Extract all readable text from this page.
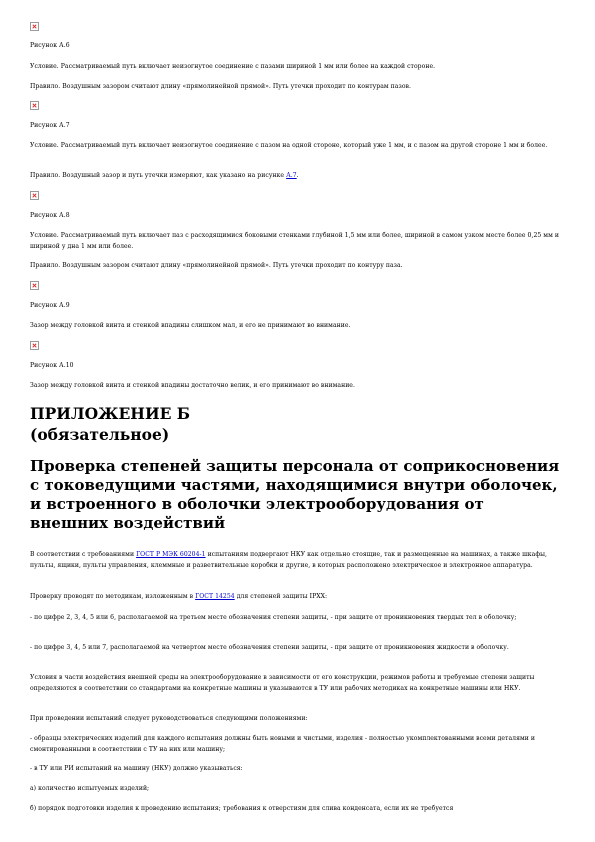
Рисунок А.6
Условие. Рассматриваемый путь включает неизогнутое соединение с пазами шириной 1 мм или более на каждой стороне.
Правило. Воздушным зазором считают длину «прямолинейной прямой». Путь утечки проходит по контурам пазов.
Рисунок А.7
Условие. Рассматриваемый путь включает неизогнутое соединение с пазом на одной стороне, который уже 1 мм, и с пазом на другой стороне 1 мм и более.
Правило. Воздушный зазор и путь утечки измеряют, как указано на рисунке А.7.
Рисунок А.8
Условие. Рассматриваемый путь включает паз с расходящимися боковыми стенками глубиной 1,5 мм или более, шириной в самом узком месте более 0,25 мм и шириной у дна 1 мм или более.
Правило. Воздушным зазором считают длину «прямолинейной прямой». Путь утечки проходит по контуру паза.
Рисунок А.9
Зазор между головкой винта и стенкой впадины слишком мал, и его не принимают во внимание.
Рисунок А.10
Зазор между головкой винта и стенкой впадины достаточно велик, и его принимают во внимание.
ПРИЛОЖЕНИЕ Б
(обязательное)
Проверка степеней защиты персонала от соприкосновения с токоведущими частями, находящимися внутри оболочек, и встроенного в оболочки электрооборудования от внешних воздействий
В соответствии с требованиями ГОСТ Р МЭК 60204-1 испытаниям подвергают НКУ как отдельно стоящие, так и размещенные на машинах, а также шкафы, пульты, ящики, пульты управления, клеммные и разветвительные коробки и другие, в которых расположено электрическое и электронное аппаратура.
Проверку проводят по методикам, изложенным в ГОСТ 14254 для степеней защиты IPXX:
- по цифре 2, 3, 4, 5 или 6, располагаемой на третьем месте обозначения степени защиты, - при защите от проникновения твердых тел в оболочку;
- по цифре 3, 4, 5 или 7, располагаемой на четвертом месте обозначения степени защиты, - при защите от проникновения жидкости в оболочку.
Условия в части воздействия внешней среды на электрооборудование в зависимости от его конструкции, режимов работы и требуемые степени защиты определяются в соответствии со стандартами на конкретные машины и указываются в ТУ или рабочих методиках на конкретные машины или НКУ.
При проведении испытаний следует руководствоваться следующими положениями:
- образцы электрических изделий для каждого испытания должны быть новыми и чистыми, изделия - полностью укомплектованными всеми деталями и смонтированными в соответствии с ТУ на них или машину;
- в ТУ или РИ испытаний на машину (НКУ) должно указываться:
а) количество испытуемых изделий;
б) порядок подготовки изделия к проведению испытания; требования к отверстиям для слива конденсата, если их не требуется
